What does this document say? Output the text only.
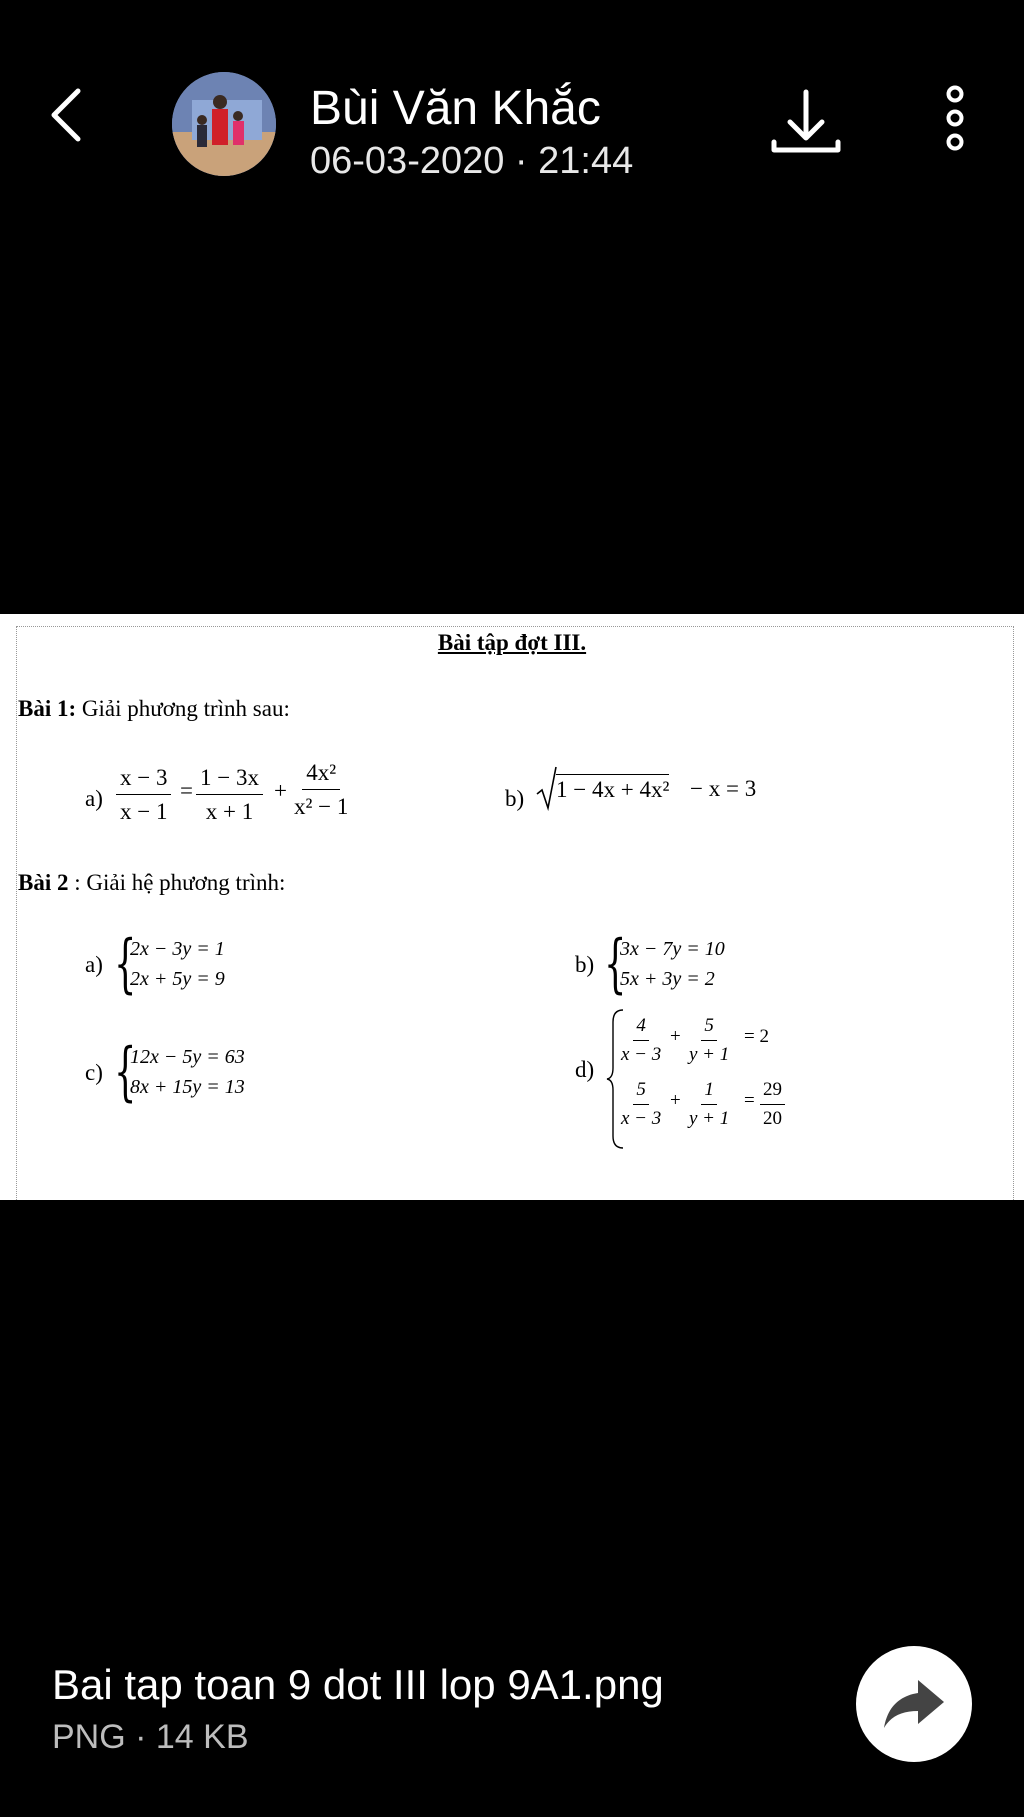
Bùi Văn Khắc
06-03-2020 · 21:44
Bài tập đợt III.
Bài 1: Giải phương trình sau:
$a) \frac{x - 3}{x - 1} = \frac{1 - 3x}{x + 1} + \frac{\text{4x²}}{\text{x² − 1}}$	b) 1 − 4x + 4x² − x = 3
Bài 2 : Giải hệ phương trình:
a) {
2x − 3y = 1
2x + 5y = 9
b) {
3x − 7y = 10
5x + 3y = 2
c) {
12x − 5y = 63
8x + 15y = 13
d)
$\frac{4}{x - 3} + \frac{5}{y + 1} = 2$
$\frac{5}{x - 3} + \frac{1}{y + 1} = \frac{29}{20}$
Bai tap toan 9 dot III lop 9A1.png
PNG · 14 KB
